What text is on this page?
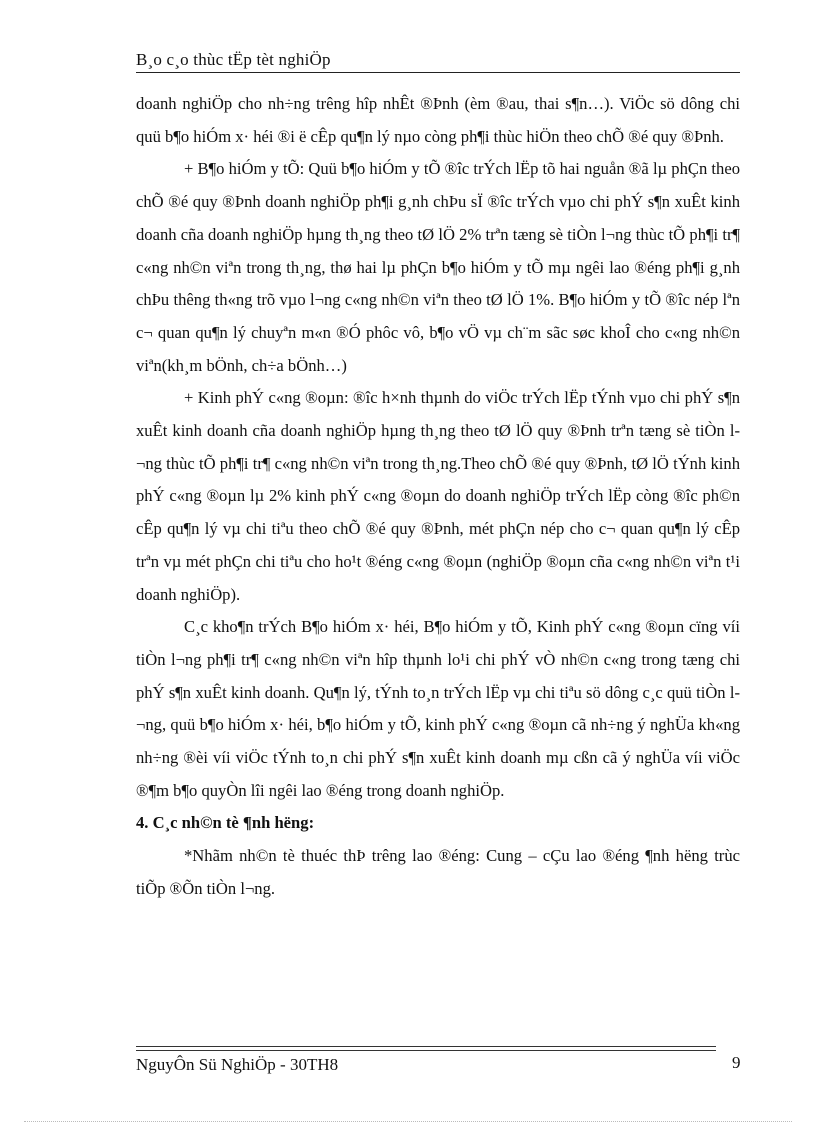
B¸o c¸o thùc tËp tèt nghiÖp

doanh nghiÖp cho nh÷ng trêng hîp nhÊt ®Þnh (èm ®au, thai s¶n…). ViÖc sö dông chi quü b¶o hiÓm x· héi ®i ë cÊp qu¶n lý nµo còng ph¶i thùc hiÖn theo chÕ ®é quy ®Þnh.

+ B¶o hiÓm y tÕ: Quü b¶o hiÓm y tÕ ®îc trÝch lËp tõ hai nguån ®ã lµ phÇn theo chÕ ®é quy ®Þnh doanh nghiÖp ph¶i g¸nh chÞu sÏ ®îc trÝch vµo chi phÝ s¶n xuÊt kinh doanh cña doanh nghiÖp hµng th¸ng theo tØ lÖ 2% trªn tæng sè tiÒn l¬ng thùc tÕ ph¶i tr¶ c«ng nh©n viªn trong th¸ng, thø hai lµ phÇn b¶o hiÓm y tÕ mµ ngêi lao ®éng ph¶i g¸nh chÞu thêng th«ng trõ vµo l¬ng c«ng nh©n viªn theo tØ lÖ 1%. B¶o hiÓm y tÕ ®îc nép lªn c¬ quan qu¶n lý chuyªn m«n ®Ó phôc vô, b¶o vÖ vµ ch¨m sãc søc khoÎ cho c«ng nh©n viªn(kh¸m bÖnh, ch÷a bÖnh…)

+ Kinh phÝ c«ng ®oµn: ®îc h×nh thµnh do viÖc trÝch lËp tÝnh vµo chi phÝ s¶n xuÊt kinh doanh cña doanh nghiÖp hµng th¸ng theo tØ lÖ quy ®Þnh trªn tæng sè tiÒn l¬ng thùc tÕ ph¶i tr¶ c«ng nh©n viªn trong th¸ng.Theo chÕ ®é quy ®Þnh, tØ lÖ tÝnh kinh phÝ c«ng ®oµn lµ 2% kinh phÝ c«ng ®oµn do doanh nghiÖp trÝch lËp còng ®îc ph©n cÊp qu¶n lý vµ chi tiªu theo chÕ ®é quy ®Þnh, mét phÇn nép cho c¬ quan qu¶n lý cÊp trªn vµ mét phÇn chi tiªu cho ho¹t ®éng c«ng ®oµn (nghiÖp ®oµn cña c«ng nh©n viªn t¹i doanh nghiÖp).

C¸c kho¶n trÝch B¶o hiÓm x· héi, B¶o hiÓm y tÕ, Kinh phÝ c«ng ®oµn cïng víi tiÒn l¬ng ph¶i tr¶ c«ng nh©n viªn hîp thµnh lo¹i chi phÝ vÒ nh©n c«ng trong tæng chi phÝ s¶n xuÊt kinh doanh. Qu¶n lý, tÝnh to¸n trÝch lËp vµ chi tiªu sö dông c¸c quü tiÒn l¬ng, quü b¶o hiÓm x· héi, b¶o hiÓm y tÕ, kinh phÝ c«ng ®oµn cã nh÷ng ý nghÜa kh«ng nh÷ng ®èi víi viÖc tÝnh to¸n chi phÝ s¶n xuÊt kinh doanh mµ cßn cã ý nghÜa víi viÖc ®¶m b¶o quyÒn lîi ngêi lao ®éng trong doanh nghiÖp.

4. C¸c nh©n tè ¶nh hëng:

*Nhãm nh©n tè thuéc thÞ trêng lao ®éng: Cung – cÇu lao ®éng ¶nh hëng trùc tiÕp ®Õn tiÒn l¬ng.

NguyÔn Sü NghiÖp - 30TH8	9
